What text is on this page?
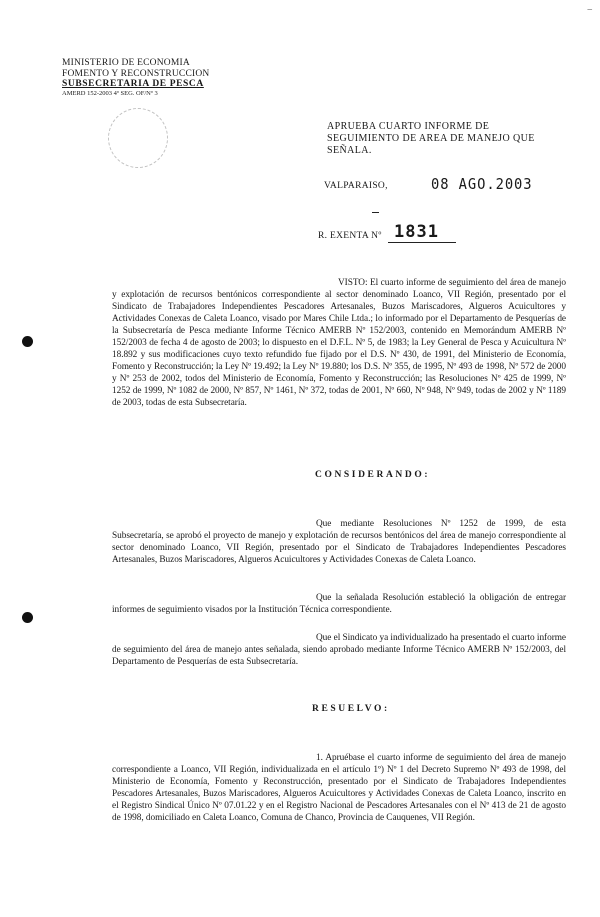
–
MINISTERIO DE ECONOMIA
FOMENTO Y RECONSTRUCCION
SUBSECRETARIA DE PESCA
AMERD 152-2003 4º SEG. OF/Nº 3
APRUEBA CUARTO INFORME DE SEGUIMIENTO DE AREA DE MANEJO QUE SEÑALA.
VALPARAISO,	08 AGO.2003
R. EXENTA Nº 1831
VISTO: El cuarto informe de seguimiento del área de manejo y explotación de recursos bentónicos correspondiente al sector denominado Loanco, VII Región, presentado por el Sindicato de Trabajadores Independientes Pescadores Artesanales, Buzos Mariscadores, Algueros Acuicultores y Actividades Conexas de Caleta Loanco, visado por Mares Chile Ltda.; lo informado por el Departamento de Pesquerías de la Subsecretaría de Pesca mediante Informe Técnico AMERB Nº 152/2003, contenido en Memorándum AMERB Nº 152/2003 de fecha 4 de agosto de 2003; lo dispuesto en el D.F.L. Nº 5, de 1983; la Ley General de Pesca y Acuicultura Nº 18.892 y sus modificaciones cuyo texto refundido fue fijado por el D.S. Nº 430, de 1991, del Ministerio de Economía, Fomento y Reconstrucción; la Ley Nº 19.492; la Ley Nº 19.880; los D.S. Nº 355, de 1995, Nº 493 de 1998, Nº 572 de 2000 y Nº 253 de 2002, todos del Ministerio de Economía, Fomento y Reconstrucción; las Resoluciones Nº 425 de 1999, Nº 1252 de 1999, Nº 1082 de 2000, Nº 857, Nº 1461, Nº 372, todas de 2001, Nº 660, Nº 948, Nº 949, todas de 2002 y Nº 1189 de 2003, todas de esta Subsecretaría.
CONSIDERANDO:
Que mediante Resoluciones Nº 1252 de 1999, de esta Subsecretaría, se aprobó el proyecto de manejo y explotación de recursos bentónicos del área de manejo correspondiente al sector denominado Loanco, VII Región, presentado por el Sindicato de Trabajadores Independientes Pescadores Artesanales, Buzos Mariscadores, Algueros Acuicultores y Actividades Conexas de Caleta Loanco.
Que la señalada Resolución estableció la obligación de entregar informes de seguimiento visados por la Institución Técnica correspondiente.
Que el Sindicato ya individualizado ha presentado el cuarto informe de seguimiento del área de manejo antes señalada, siendo aprobado mediante Informe Técnico AMERB Nº 152/2003, del Departamento de Pesquerías de esta Subsecretaría.
RESUELVO:
1. Apruébase el cuarto informe de seguimiento del área de manejo correspondiente a Loanco, VII Región, individualizada en el artículo 1º) Nº 1 del Decreto Supremo Nº 493 de 1998, del Ministerio de Economía, Fomento y Reconstrucción, presentado por el Sindicato de Trabajadores Independientes Pescadores Artesanales, Buzos Mariscadores, Algueros Acuicultores y Actividades Conexas de Caleta Loanco, inscrito en el Registro Sindical Único Nº 07.01.22 y en el Registro Nacional de Pescadores Artesanales con el Nº 413 de 21 de agosto de 1998, domiciliado en Caleta Loanco, Comuna de Chanco, Provincia de Cauquenes, VII Región.
